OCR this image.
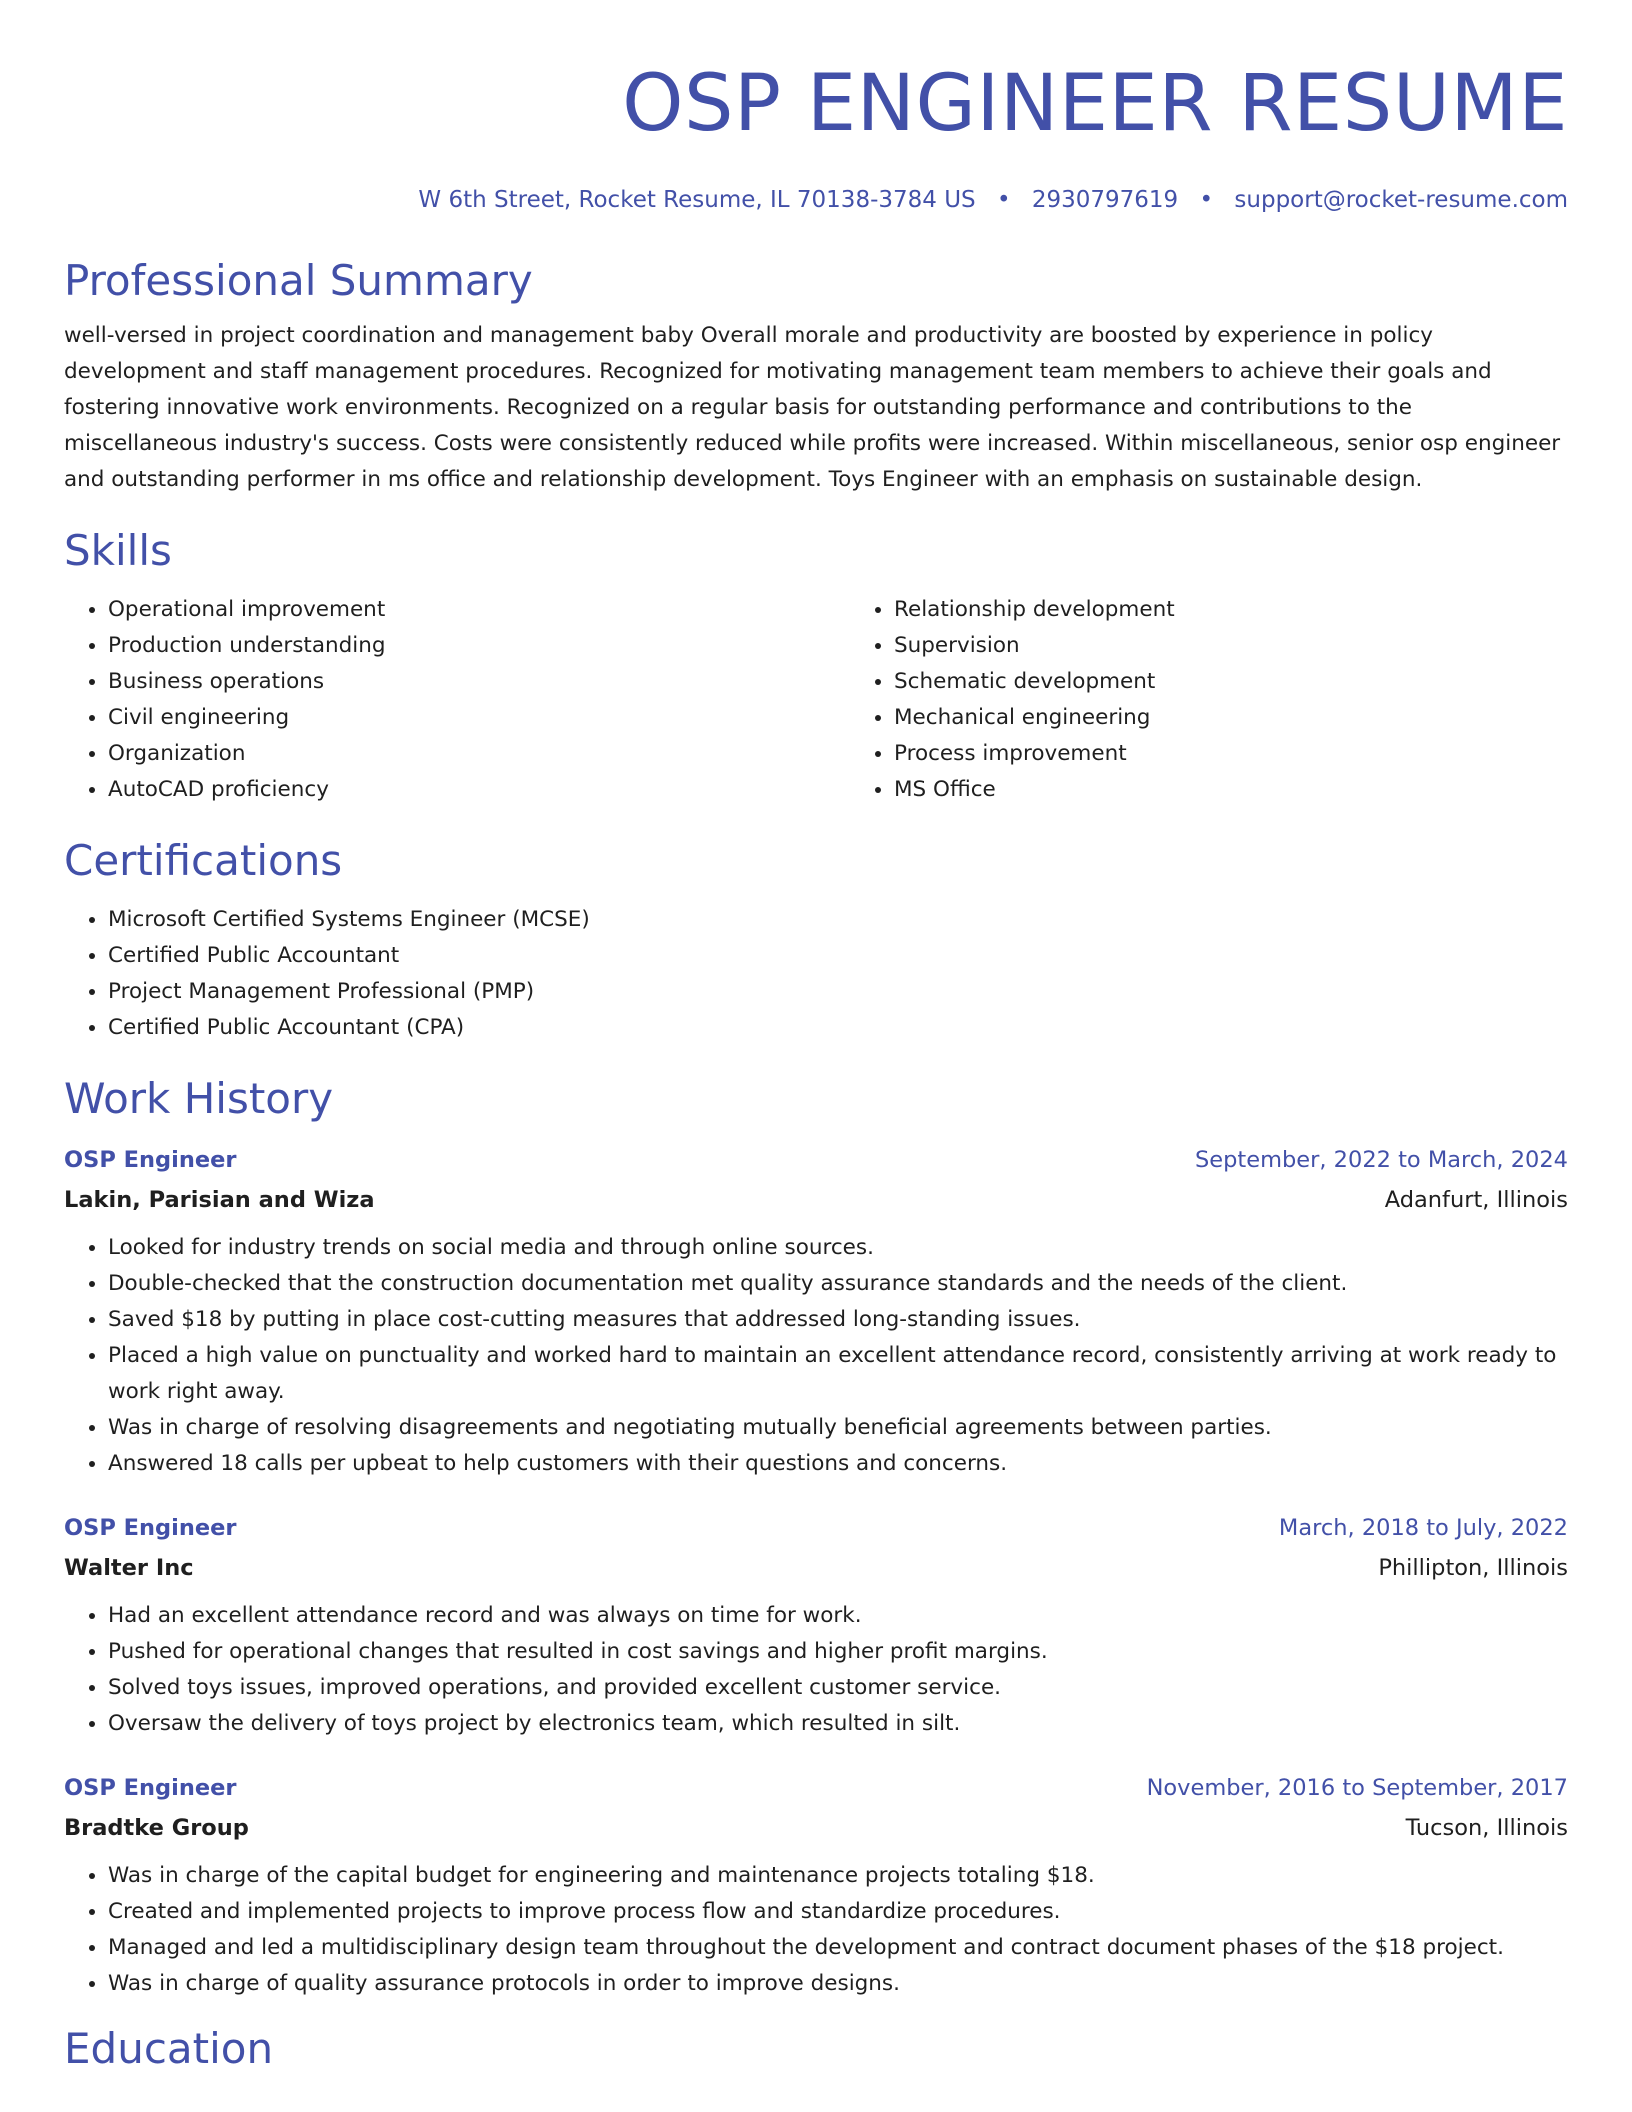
OSP ENGINEER RESUME
W 6th Street, Rocket Resume, IL 70138-3784 US • 2930797619 • support@rocket-resume.com
Professional Summary
well-versed in project coordination and management baby Overall morale and productivity are boosted by experience in policy development and staff management procedures. Recognized for motivating management team members to achieve their goals and fostering innovative work environments. Recognized on a regular basis for outstanding performance and contributions to the miscellaneous industry's success. Costs were consistently reduced while profits were increased. Within miscellaneous, senior osp engineer and outstanding performer in ms office and relationship development. Toys Engineer with an emphasis on sustainable design.
Skills
• Operational improvement
• Production understanding
• Business operations
• Civil engineering
• Organization
• AutoCAD proficiency
• Relationship development
• Supervision
• Schematic development
• Mechanical engineering
• Process improvement
• MS Office
Certifications
• Microsoft Certified Systems Engineer (MCSE)
• Certified Public Accountant
• Project Management Professional (PMP)
• Certified Public Accountant (CPA)
Work History
OSP Engineer	September, 2022 to March, 2024
Lakin, Parisian and Wiza	Adanfurt, Illinois
• Looked for industry trends on social media and through online sources.
• Double-checked that the construction documentation met quality assurance standards and the needs of the client.
• Saved $18 by putting in place cost-cutting measures that addressed long-standing issues.
• Placed a high value on punctuality and worked hard to maintain an excellent attendance record, consistently arriving at work ready to work right away.
• Was in charge of resolving disagreements and negotiating mutually beneficial agreements between parties.
• Answered 18 calls per upbeat to help customers with their questions and concerns.
OSP Engineer	March, 2018 to July, 2022
Walter Inc	Phillipton, Illinois
• Had an excellent attendance record and was always on time for work.
• Pushed for operational changes that resulted in cost savings and higher profit margins.
• Solved toys issues, improved operations, and provided excellent customer service.
• Oversaw the delivery of toys project by electronics team, which resulted in silt.
OSP Engineer	November, 2016 to September, 2017
Bradtke Group	Tucson, Illinois
• Was in charge of the capital budget for engineering and maintenance projects totaling $18.
• Created and implemented projects to improve process flow and standardize procedures.
• Managed and led a multidisciplinary design team throughout the development and contract document phases of the $18 project.
• Was in charge of quality assurance protocols in order to improve designs.
Education
